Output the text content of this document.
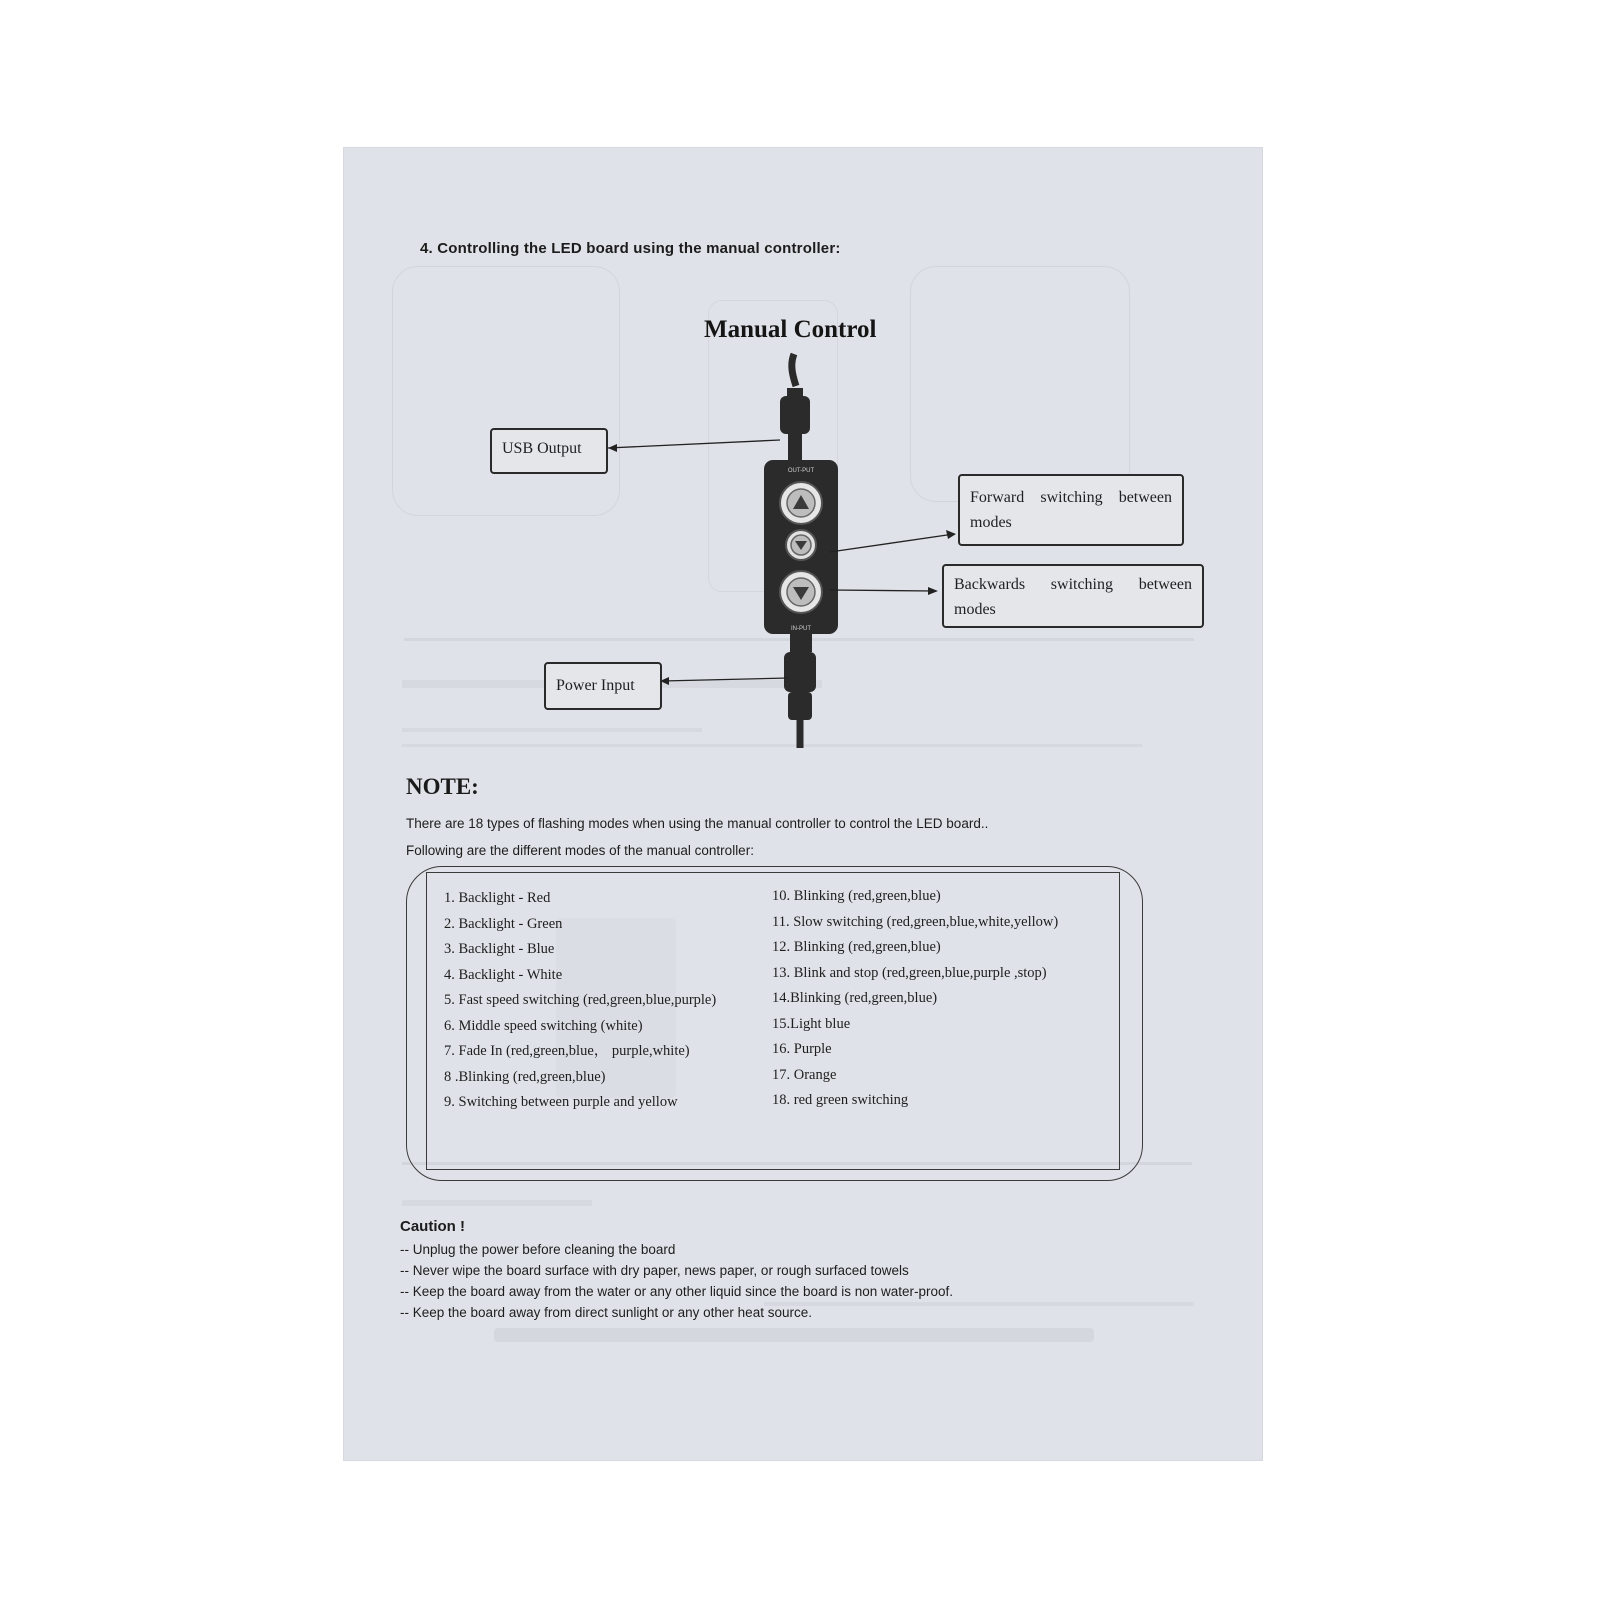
4. Controlling the LED board using the manual controller:
Manual Control
OUT-PUT
IN-PUT
USB Output
Forward switching between modes
Backwards switching between modes
Power Input
NOTE:
There are 18 types of flashing modes when using the manual controller to control the LED board..
Following are the different modes of the manual controller:
1. Backlight - Red
2. Backlight - Green
3. Backlight - Blue
4. Backlight - White
5. Fast speed switching (red,green,blue,purple)
6. Middle speed switching (white)
7. Fade In (red,green,blue， purple,white)
8 .Blinking (red,green,blue)
9. Switching between purple and yellow
10. Blinking (red,green,blue)
11. Slow switching (red,green,blue,white,yellow)
12. Blinking (red,green,blue)
13. Blink and stop (red,green,blue,purple ,stop)
14.Blinking (red,green,blue)
15.Light blue
16. Purple
17. Orange
18. red green switching
Caution !
-- Unplug the power before cleaning the board
-- Never wipe the board surface with dry paper, news paper, or rough surfaced towels
-- Keep the board away from the water or any other liquid since the board is non water-proof.
-- Keep the board away from direct sunlight or any other heat source.
